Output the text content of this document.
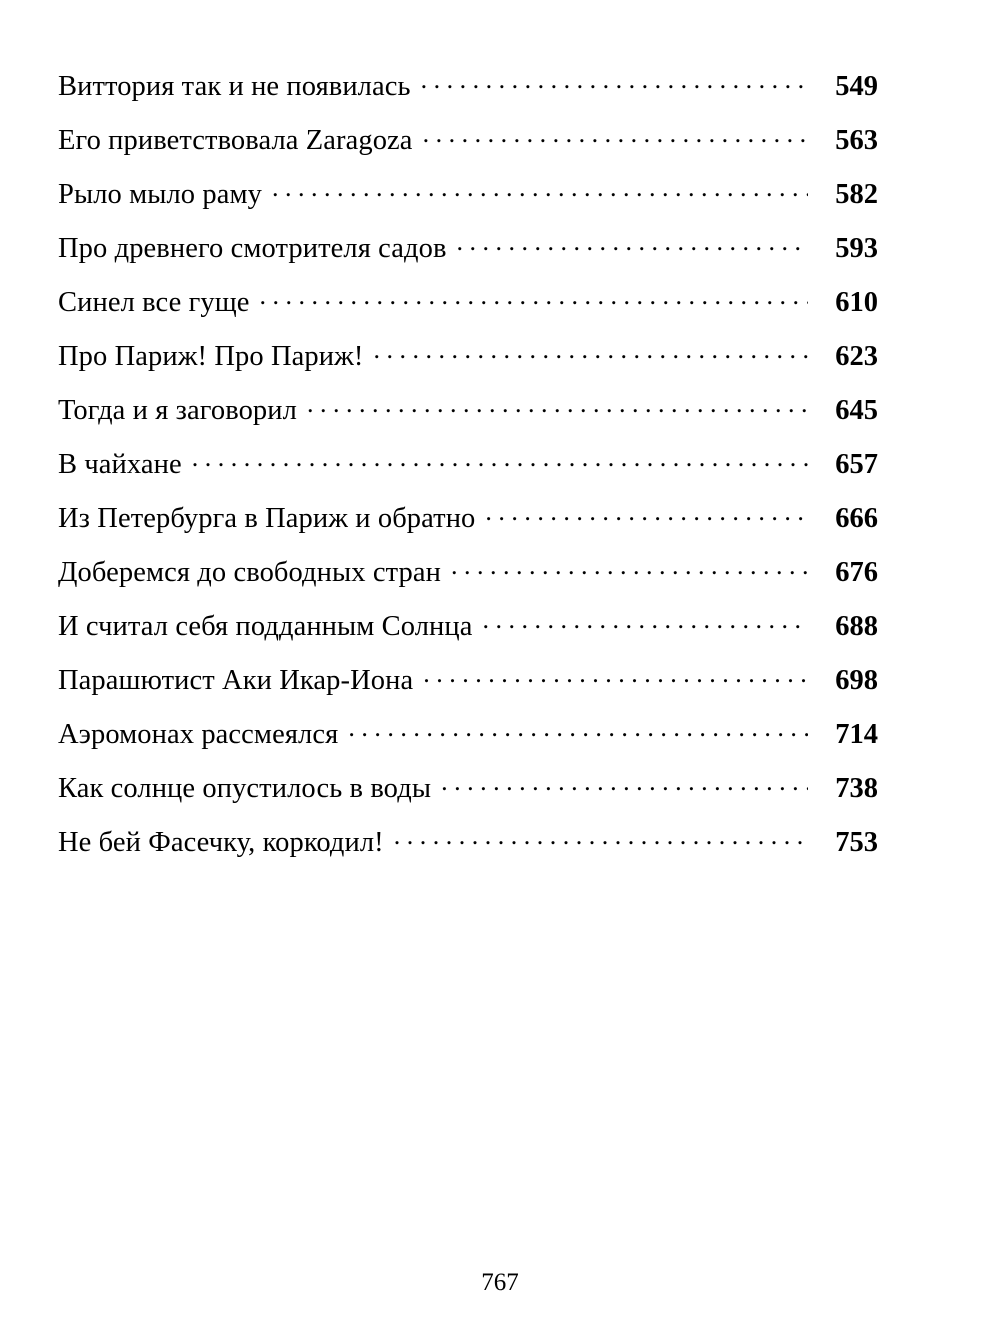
Виттория так и не появилась . . .	549
Его приветствовала Zaragoza . . .	563
Рыло мыло раму . . .	582
Про древнего смотрителя садов . . .	593
Синел все гуще . . .	610
Про Париж! Про Париж! . . .	623
Тогда и я заговорил . . .	645
В чайхане . . .	657
Из Петербурга в Париж и обратно . . .	666
Доберемся до свободных стран . . .	676
И считал себя подданным Солнца . . .	688
Парашютист Аки Икар-Иона . . .	698
Аэромонах рассмеялся . . .	714
Как солнце опустилось в воды . . .	738
Не бей Фасечку, коркодил! . . .	753
767
